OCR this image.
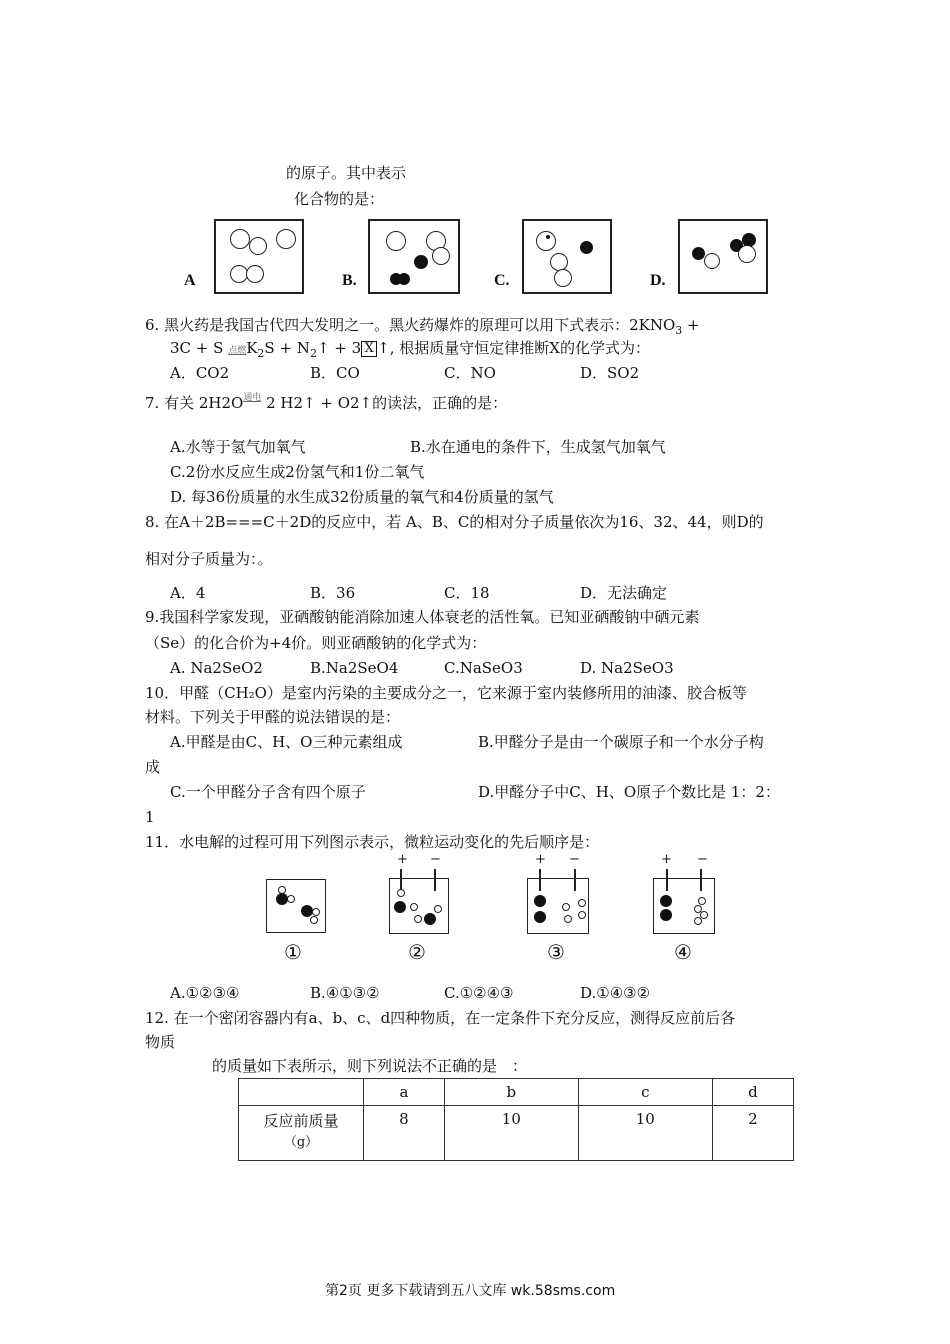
的原子。其中表示
化合物的是：
A	B.	C.	D.
6. 黑火药是我国古代四大发明之一。黑火药爆炸的原理可以用下式表示：$2KNO_3$ +
3C + S 点燃$K_2S$ + $N_2↑ + 3$ X ↑, 根据质量守恒定律推断X的化学式为：
A．CO2	B．CO	C．NO	D．SO2
7. 有关 $2H2O^{通电}$ 2 H2↑ + O2↑的读法，正确的是：
A.水等于氢气加氧气	B.水在通电的条件下，生成氢气加氧气
C.2份水反应生成2份氢气和1份二氧气
D. 每36份质量的水生成32份质量的氧气和4份质量的氢气
8. 在A＋2B===C＋2D的反应中，若 A、B、C的相对分子质量依次为16、32、44，则D的
相对分子质量为：。
A．4	B．36	C．18	D．无法确定
9.我国科学家发现，亚硒酸钠能消除加速人体衰老的活性氧。已知亚硒酸钠中硒元素
（Se）的化合价为+4价。则亚硒酸钠的化学式为：
A. Na2SeO2	B.Na2SeO4	C.NaSeO3	D. Na2SeO3
10．甲醛（CH₂O）是室内污染的主要成分之一，它来源于室内装修所用的油漆、胶合板等
材料。下列关于甲醛的说法错误的是：
A.甲醛是由C、H、O三种元素组成	B.甲醛分子是由一个碳原子和一个水分子构
成
C.一个甲醛分子含有四个原子	D.甲醛分子中C、H、O原子个数比是 1：2：
1
11．水电解的过程可用下列图示表示，微粒运动变化的先后顺序是：
①
+ −
②
+ −
③
+ −
④
A.①②③④	B.④①③②	C.①②④③	D.①④③②
12. 在一个密闭容器内有a、b、c、d四种物质，在一定条件下充分反应，测得反应前后各
物质
的质量如下表所示，则下列说法不正确的是　：
	a	b	c	d

反应前质量
（g）	8	10	10	2
第2页 更多下载请到五八文库 wk.58sms.com
